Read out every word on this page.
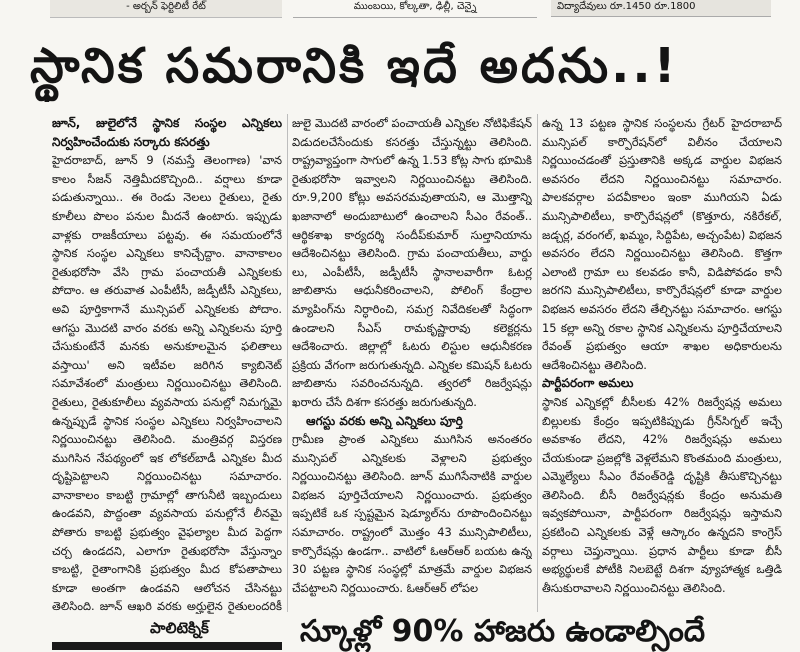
- అర్బన్ ఫెర్టిలిటీ రేట్	ముంబయి, కోల్కతా, ఢిల్లీ, చెన్నై	విద్యాదేవులు రూ.1450 రూ.1800
స్థానిక సమరానికి ఇదే అదను..!

జూన్, జులైలోనే స్థానిక సంస్థల ఎన్నికలు నిర్వహించేందుకు సర్కారు కసరత్తు

హైదరాబాద్, జూన్ 9 (నమస్తే తెలంగాణ) 'వాన కాలం సీజన్ నెత్తిమీదకొచ్చింది.. వర్షాలు కూడా పడుతున్నాయి.. ఈ రెండు నెలలు రైతులు, రైతు కూలీలు పొలం పనుల మీదనే ఉంటారు. ఇప్పుడు వాళ్లకు రాజకీయాలు పట్టవు. ఈ సమయంలోనే స్థానిక సంస్థల ఎన్నికలు కానిచ్చేద్దాం. వానాకాలం రైతుభరోసా వేసి గ్రామ పంచాయతీ ఎన్నికలకు పోదాం. ఆ తరువాత ఎంపీటీసీ, జడ్పీటీసీ ఎన్నికలు, అవి పూర్తికాగానే మున్సిపల్ ఎన్నికలకు పోదాం. ఆగస్టు మొదటి వారం వరకు అన్ని ఎన్నికలను పూర్తి చేసుకుంటేనే మనకు అనుకూలమైన ఫలితాలు వస్తాయి' అని ఇటీవల జరిగిన క్యాబినెట్ సమావేశంలో మంత్రులు నిర్ణయించినట్టు తెలిసింది. రైతులు, రైతుకూలీలు వ్యవసాయ పనుల్లో నిమగ్నమై ఉన్నప్పుడే స్థానిక సంస్థల ఎన్నికలు నిర్వహించాలని నిర్ణయించినట్టు తెలిసింది. మంత్రివర్గ విస్తరణ ముగిసిన నేపథ్యంలో ఇక లోకల్‌బాడీ ఎన్నికల మీద దృష్టిపెట్టాలని నిర్ణయించినట్టు సమాచారం. వానాకాలం కాబట్టి గ్రామాల్లో తాగునీటి ఇబ్బందులు ఉండవని, పొద్దంతా వ్యవసాయ పనుల్లోనే లీనమై పోతారు కాబట్టి ప్రభుత్వం వైఫల్యాల మీద పెద్దగా చర్చ ఉండదని, ఎలాగూ రైతుభరోసా వేస్తున్నాం కాబట్టి, రైతాంగానికి ప్రభుత్వం మీద కోపతాపాలు కూడా అంతగా ఉండవని ఆలోచన చేసినట్టు తెలిసింది. జూన్ ఆఖరి వరకు అర్హులైన రైతులందరికీ

జులై మొదటి వారంలో పంచాయతీ ఎన్నికల నోటిఫికేషన్ విడుదలచేసేందుకు కసరత్తు చేస్తున్నట్టు తెలిసింది. రాష్ట్రవ్యాప్తంగా సాగులో ఉన్న 1.53 కోట్ల సాగు భూమికి రైతుభరోసా ఇవ్వాలని నిర్ణయించినట్టు తెలిసింది. రూ.9,200 కోట్లు అవసరమవుతాయని, ఆ మొత్తాన్ని ఖజానాలో అందుబాటులో ఉంచాలని సీఎం రేవంత్.. ఆర్థికశాఖ కార్యదర్శి సందీప్‌కుమార్ సుల్తానియాను ఆదేశించినట్టు తెలిసింది. గ్రామ పంచాయతీలు, వార్డు లు, ఎంపీటీసీ, జడ్పీటీసీ స్థానాలవారీగా ఓటర్ల జాబితాను ఆధునీకరించాలని, పోలింగ్ కేంద్రాల మ్యాపింగ్‌ను నిర్ధారించి, సమగ్ర నివేదికలతో సిద్ధంగా ఉండాలని సీఎస్ రామకృష్ణారావు కలెక్టర్లను ఆదేశించారు. జిల్లాల్లో ఓటరు లిస్టుల ఆధునీకరణ ప్రక్రియ వేగంగా జరుగుతున్నది. ఎన్నికల కమిషన్ ఓటరు జాబితాను సవరించనున్నది. త్వరలో రిజర్వేషన్లు ఖరారు చేసే దిశగా కసరత్తు జరుగుతున్నది.

ఆగస్టు వరకు అన్ని ఎన్నికలు పూర్తి

గ్రామీణ ప్రాంత ఎన్నికలు ముగిసిన అనంతరం మున్సిపల్ ఎన్నికలకు వెళ్లాలని ప్రభుత్వం నిర్ణయించినట్టు తెలిసింది. జూన్ ముగిసేనాటికి వార్డుల విభజన పూర్తిచేయాలని నిర్ణయించారు. ప్రభుత్వం ఇప్పటికే ఒక స్పష్టమైన షెడ్యూల్‌ను రూపొందించినట్టు సమాచారం. రాష్ట్రంలో మొత్తం 43 మున్సిపాలిటీలు, కార్పొరేషన్లు ఉండగా.. వాటిలో ఓఆర్ఆర్ బయట ఉన్న 30 పట్టణ స్థానిక సంస్థల్లో మాత్రమే వార్డుల విభజన చేపట్టాలని నిర్ణయించారు. ఓఆర్ఆర్ లోపల

ఉన్న 13 పట్టణ స్థానిక సంస్థలను గ్రేటర్ హైదరాబాద్ మున్సిపల్ కార్పొరేషన్‌లో విలీనం చేయాలని నిర్ణయించడంతో ప్రస్తుతానికి అక్కడ వార్డుల విభజన అవసరం లేదని నిర్ణయించినట్టు సమాచారం. పాలకవర్గాల పదవీకాలం ఇంకా ముగియని ఏడు మున్సిపాలిటీలు, కార్పొరేషన్లలో (కొత్తూరు, నకిరేకల్, జడ్చర్ల, వరంగల్, ఖమ్మం, సిద్దిపేట, అచ్చంపేట) విభజన అవసరం లేదని నిర్ణయించినట్టు తెలిసింది. కొత్తగా ఎలాంటి గ్రామా లు కలవడం కానీ, విడిపోవడం కానీ జరగని మున్సిపాలిటీలు, కార్పొరేషన్లలో కూడా వార్డుల విభజన అవసరం లేదని తేల్చినట్టు సమాచారం. ఆగస్టు 15 కల్లా అన్ని రకాల స్థానిక ఎన్నికలను పూర్తిచేయాలని రేవంత్ ప్రభుత్వం ఆయా శాఖల అధికారులను ఆదేశించినట్టు తెలిసింది.

పార్టీపరంగా అమలు

స్థానిక ఎన్నికల్లో బీసీలకు 42% రిజర్వేషన్ల అమలు బిల్లులకు కేంద్రం ఇప్పటికిప్పుడు గ్రీన్‌సిగ్నల్ ఇచ్చే అవకాశం లేదని, 42% రిజర్వేషన్లు అమలు చేయకుండా ప్రజల్లోకి వెళ్లలేమని కొంతమంది మంత్రులు, ఎమ్మెల్యేలు సీఎం రేవంత్‌రెడ్డి దృష్టికి తీసుకొచ్చినట్టు తెలిసింది. బీసీ రిజర్వేషన్లకు కేంద్రం అనుమతి ఇవ్వకపోయినా, పార్టీపరంగా రిజర్వేషన్లు ఇస్తామని ప్రకటించి ఎన్నికలకు వెళ్లే ఆస్కారం ఉన్నదని కాంగ్రెస్ వర్గాలు చెప్తున్నాయి. ప్రధాన పార్టీలు కూడా బీసీ అభ్యర్థులకే పోటీకి నిలబెట్టే దిశగా వ్యూహాత్మక ఒత్తిడి తీసుకురావాలని నిర్ణయించినట్టు తెలిసింది.

పాలిటెక్నిక్	స్కూళ్లో 90% హాజరు ఉండాల్సిందే
